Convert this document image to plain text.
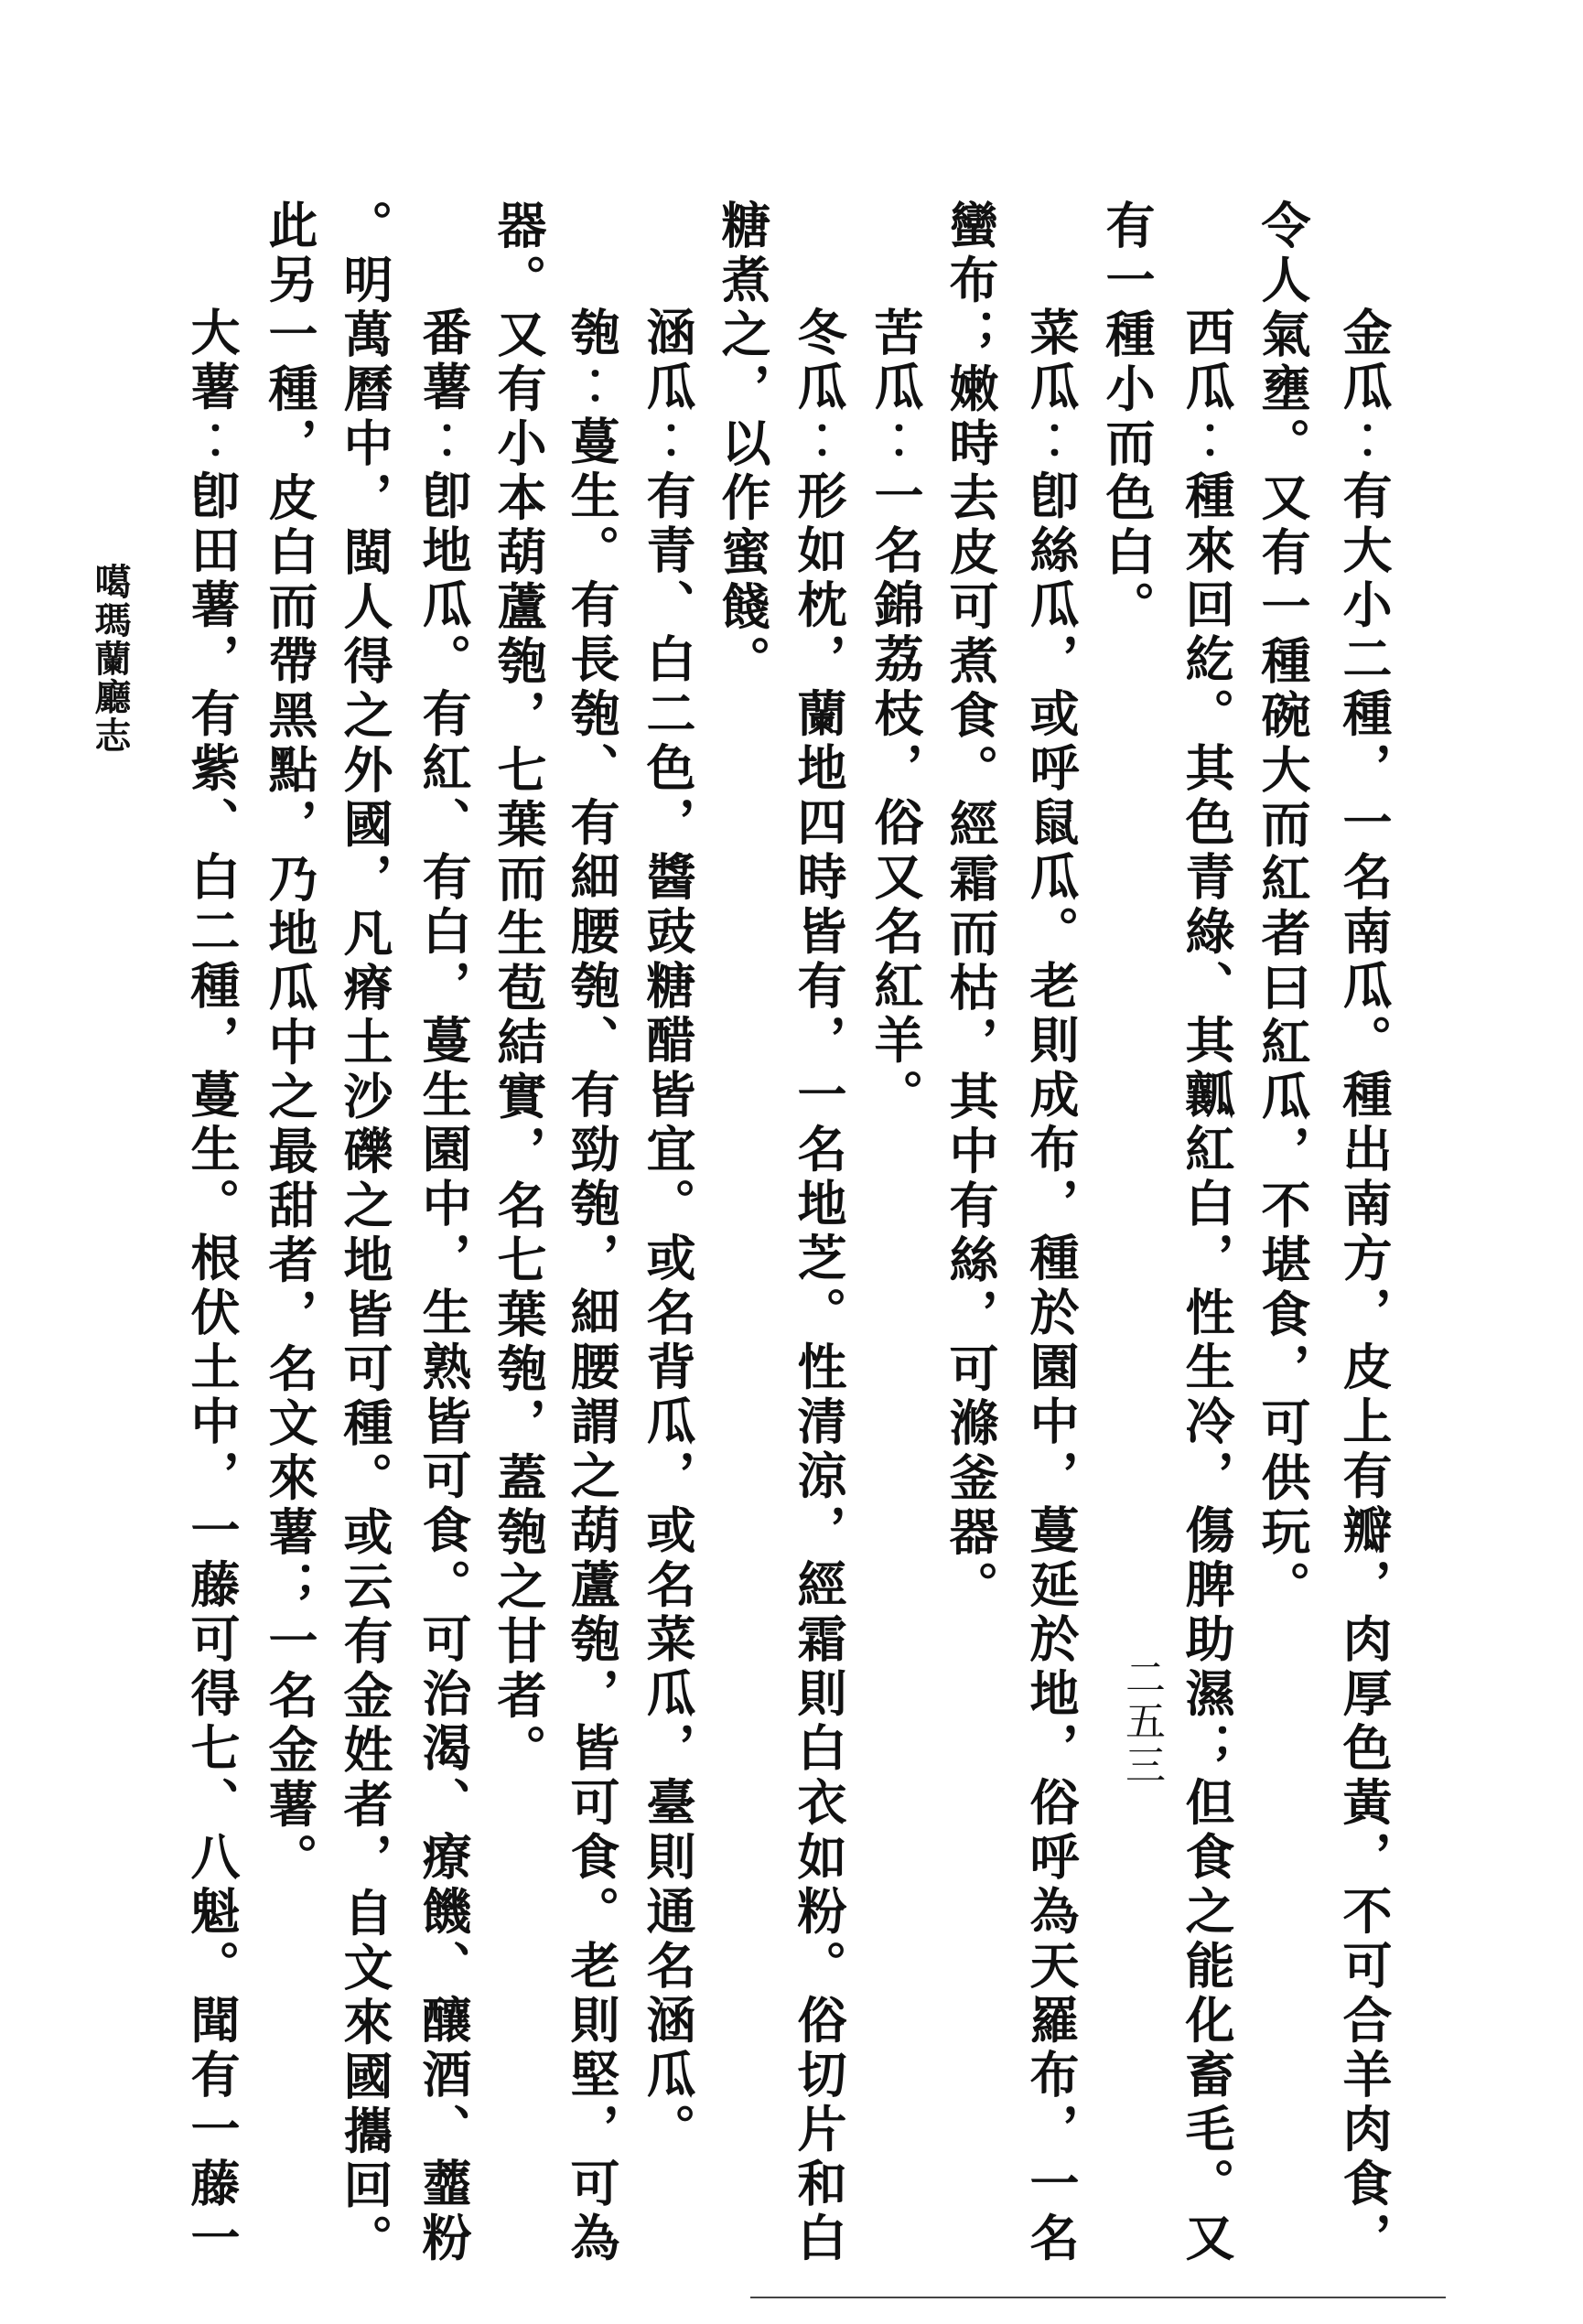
金瓜︰有大小二種，一名南瓜。種出南方，皮上有瓣，肉厚色黃，不可合羊肉食，
令人氣壅。又有一種碗大而紅者曰紅瓜，不堪食，可供玩。
西瓜︰種來回紇。其色青綠、其瓤紅白，性生冷，傷脾助濕；但食之能化畜毛。又
有一種小而色白。
菜瓜︰卽絲瓜，或呼鼠瓜。老則成布，種於園中，蔓延於地，俗呼為天羅布，一名
蠻布；嫩時去皮可煮食。經霜而枯，其中有絲，可滌釜器。
苦瓜︰一名錦荔枝，俗又名紅羊。
冬瓜︰形如枕，蘭地四時皆有，一名地芝。性清涼，經霜則白衣如粉。俗切片和白
糖煮之，以作蜜餞。
涵瓜︰有青、白二色，醬豉糖醋皆宜。或名背瓜，或名菜瓜，臺則通名涵瓜。
匏︰蔓生。有長匏、有細腰匏、有勁匏，細腰謂之葫蘆匏，皆可食。老則堅，可為
器。又有小本葫蘆匏，七葉而生苞結實，名七葉匏，蓋匏之甘者。
番薯︰卽地瓜。有紅、有白，蔓生園中，生熟皆可食。可治渴、療饑、釀酒、虀粉
。明萬曆中，閩人得之外國，凡瘠土沙礫之地皆可種。或云有金姓者，自文來國攜回。
此另一種，皮白而帶黑點，乃地瓜中之最甜者，名文來薯；一名金薯。
大薯︰卽田薯，有紫、白二種，蔓生。根伏土中，一藤可得七、八魁。聞有一藤一
噶瑪蘭廳志
二五三
